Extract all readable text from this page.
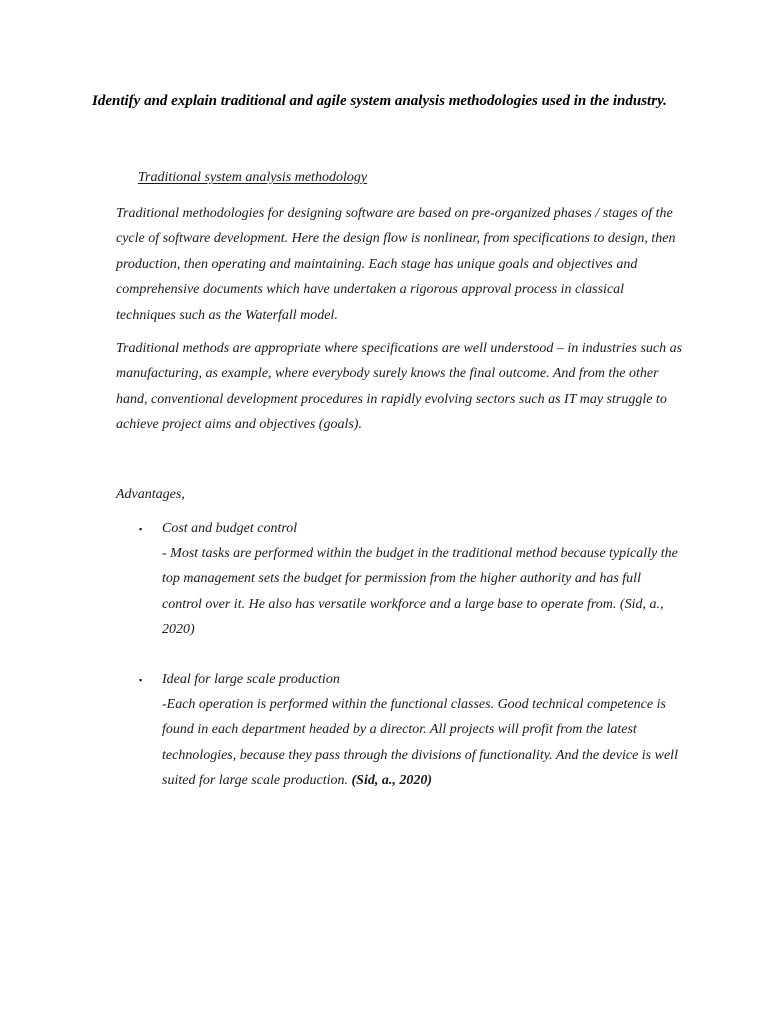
Identify and explain traditional and agile system analysis methodologies used in the industry.
Traditional system analysis methodology

Traditional methodologies for designing software are based on pre-organized phases / stages of the cycle of software development. Here the design flow is nonlinear, from specifications to design, then production, then operating and maintaining. Each stage has unique goals and objectives and comprehensive documents which have undertaken a rigorous approval process in classical techniques such as the Waterfall model.

Traditional methods are appropriate where specifications are well understood – in industries such as manufacturing, as example, where everybody surely knows the final outcome. And from the other hand, conventional development procedures in rapidly evolving sectors such as IT may struggle to achieve project aims and objectives (goals).

Advantages,
▪ Cost and budget control
- Most tasks are performed within the budget in the traditional method because typically the top management sets the budget for permission from the higher authority and has full control over it. He also has versatile workforce and a large base to operate from. (Sid, a., 2020)
▪ Ideal for large scale production
-Each operation is performed within the functional classes. Good technical competence is found in each department headed by a director. All projects will profit from the latest technologies, because they pass through the divisions of functionality. And the device is well suited for large scale production. (Sid, a., 2020)
